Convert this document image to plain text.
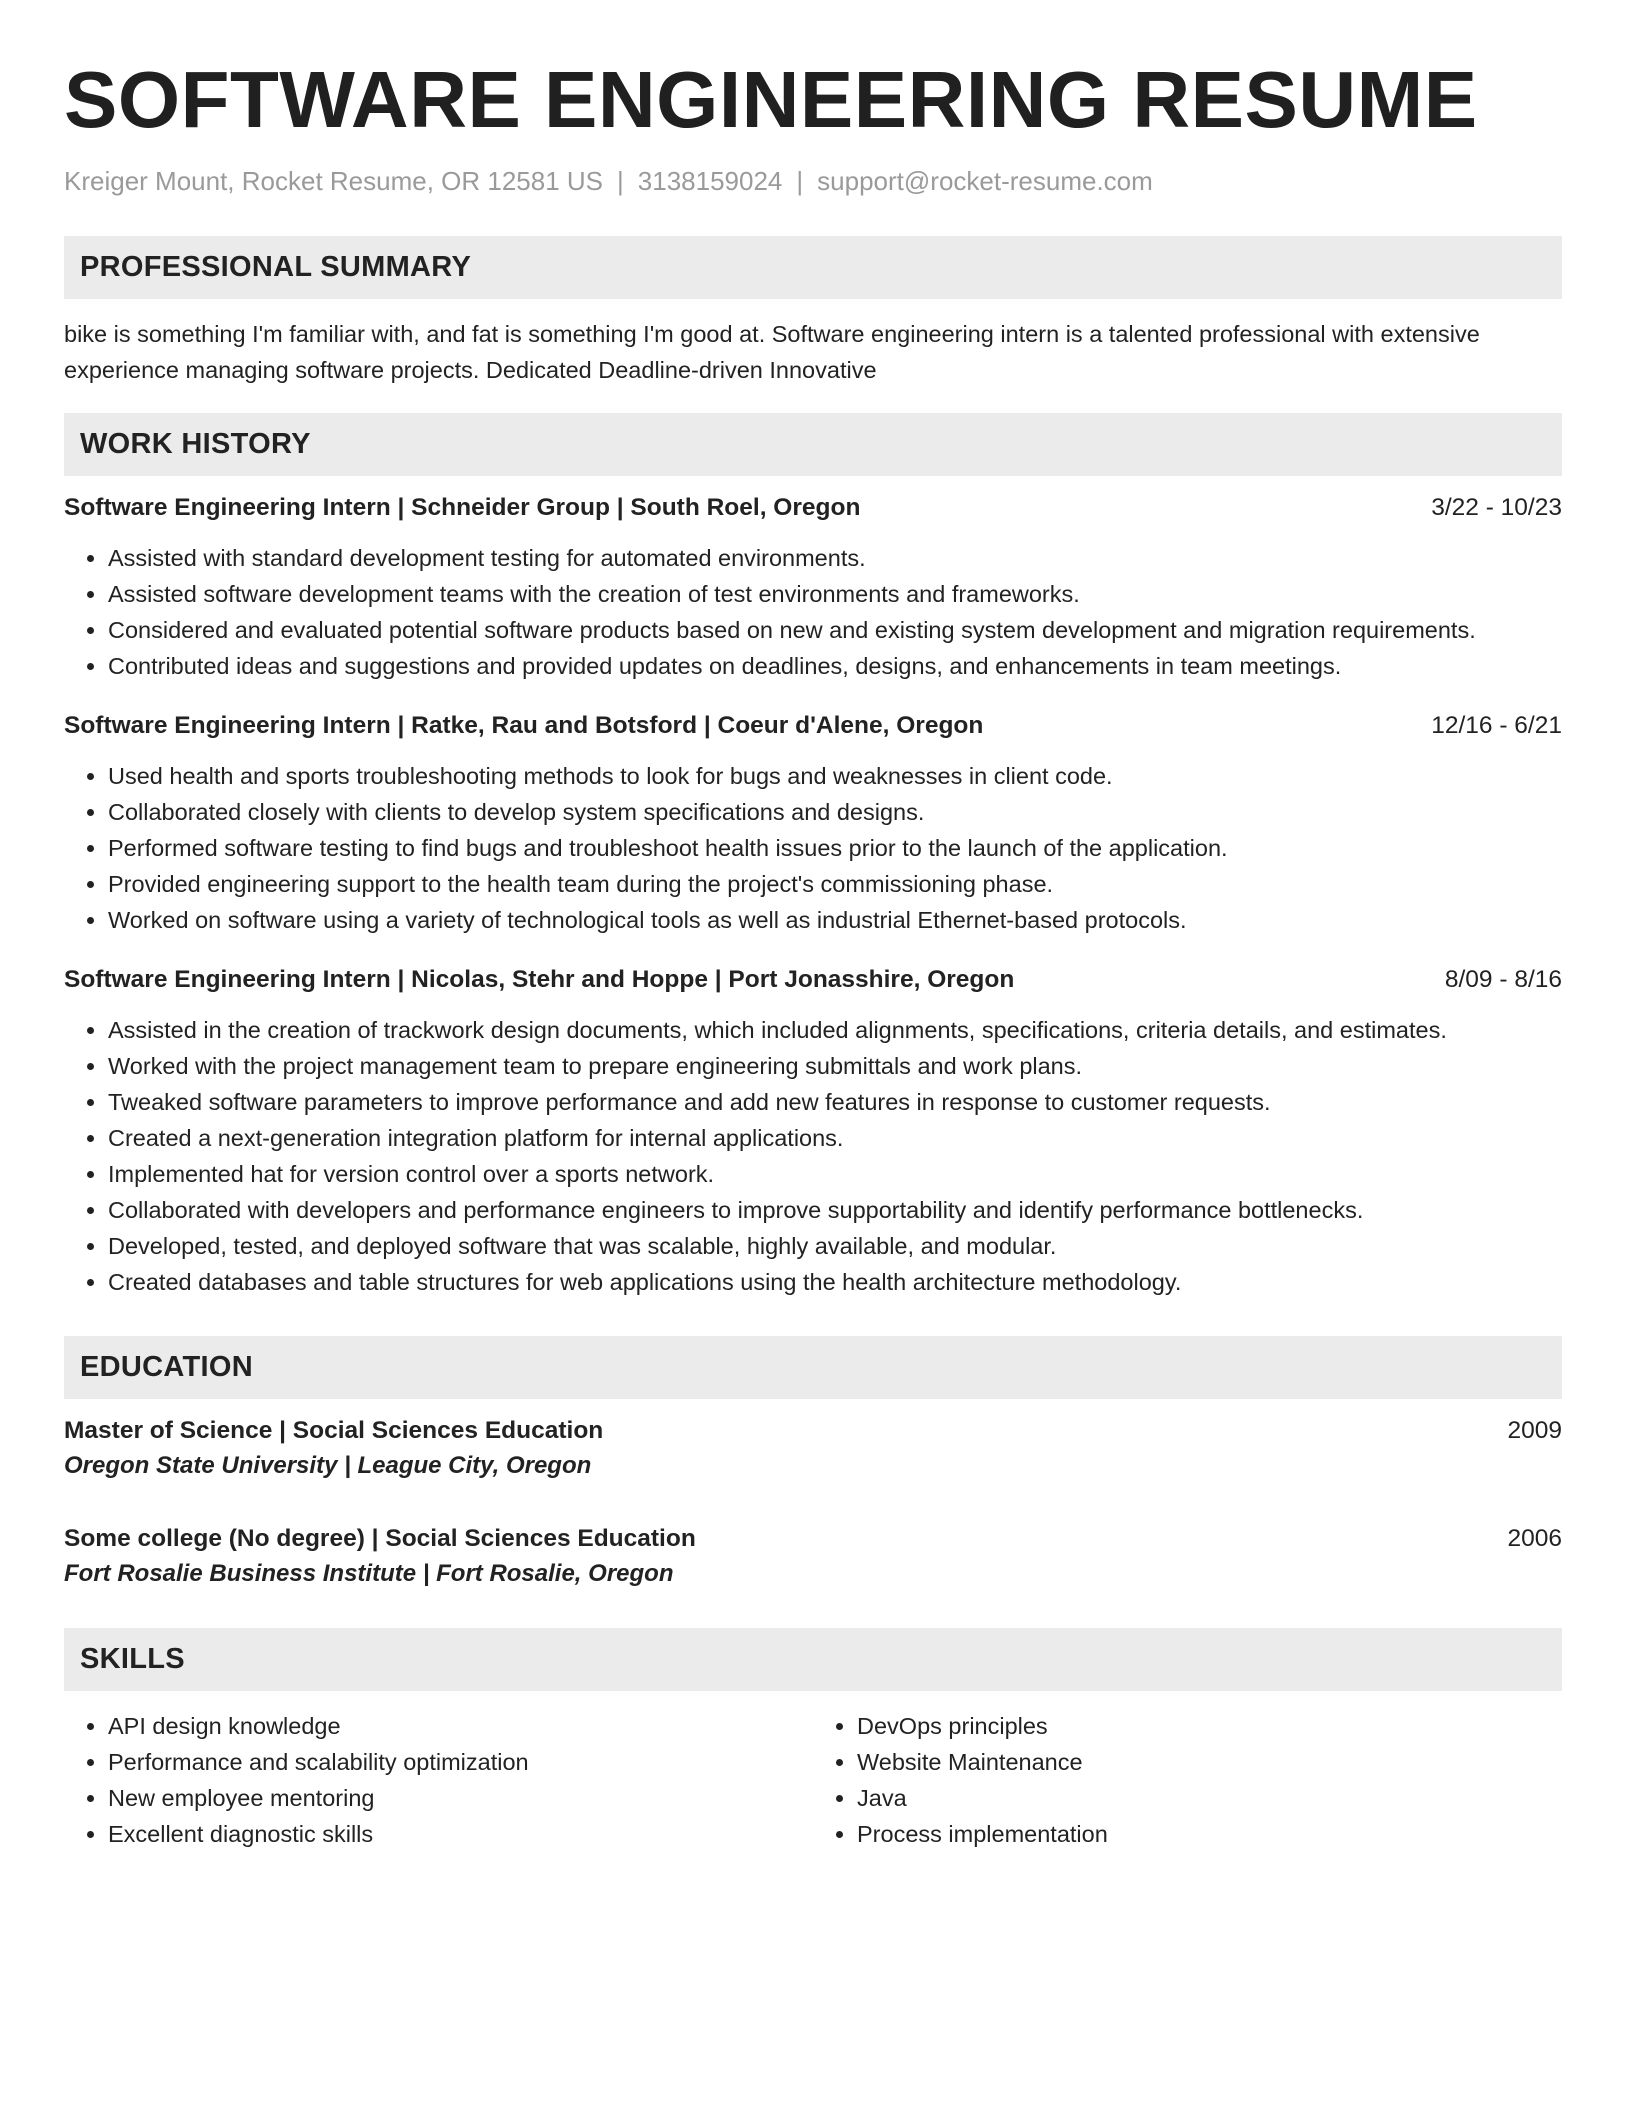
SOFTWARE ENGINEERING RESUME
Kreiger Mount, Rocket Resume, OR 12581 US | 3138159024 | support@rocket-resume.com
PROFESSIONAL SUMMARY
bike is something I'm familiar with, and fat is something I'm good at. Software engineering intern is a talented professional with extensive experience managing software projects. Dedicated Deadline-driven Innovative
WORK HISTORY
Software Engineering Intern | Schneider Group | South Roel, Oregon	3/22 - 10/23
• Assisted with standard development testing for automated environments.
• Assisted software development teams with the creation of test environments and frameworks.
• Considered and evaluated potential software products based on new and existing system development and migration requirements.
• Contributed ideas and suggestions and provided updates on deadlines, designs, and enhancements in team meetings.
Software Engineering Intern | Ratke, Rau and Botsford | Coeur d'Alene, Oregon	12/16 - 6/21
• Used health and sports troubleshooting methods to look for bugs and weaknesses in client code.
• Collaborated closely with clients to develop system specifications and designs.
• Performed software testing to find bugs and troubleshoot health issues prior to the launch of the application.
• Provided engineering support to the health team during the project's commissioning phase.
• Worked on software using a variety of technological tools as well as industrial Ethernet-based protocols.
Software Engineering Intern | Nicolas, Stehr and Hoppe | Port Jonasshire, Oregon	8/09 - 8/16
• Assisted in the creation of trackwork design documents, which included alignments, specifications, criteria details, and estimates.
• Worked with the project management team to prepare engineering submittals and work plans.
• Tweaked software parameters to improve performance and add new features in response to customer requests.
• Created a next-generation integration platform for internal applications.
• Implemented hat for version control over a sports network.
• Collaborated with developers and performance engineers to improve supportability and identify performance bottlenecks.
• Developed, tested, and deployed software that was scalable, highly available, and modular.
• Created databases and table structures for web applications using the health architecture methodology.
EDUCATION
Master of Science | Social Sciences Education	2009
Oregon State University | League City, Oregon
Some college (No degree) | Social Sciences Education	2006
Fort Rosalie Business Institute | Fort Rosalie, Oregon
SKILLS
• API design knowledge
• Performance and scalability optimization
• New employee mentoring
• Excellent diagnostic skills
• DevOps principles
• Website Maintenance
• Java
• Process implementation
